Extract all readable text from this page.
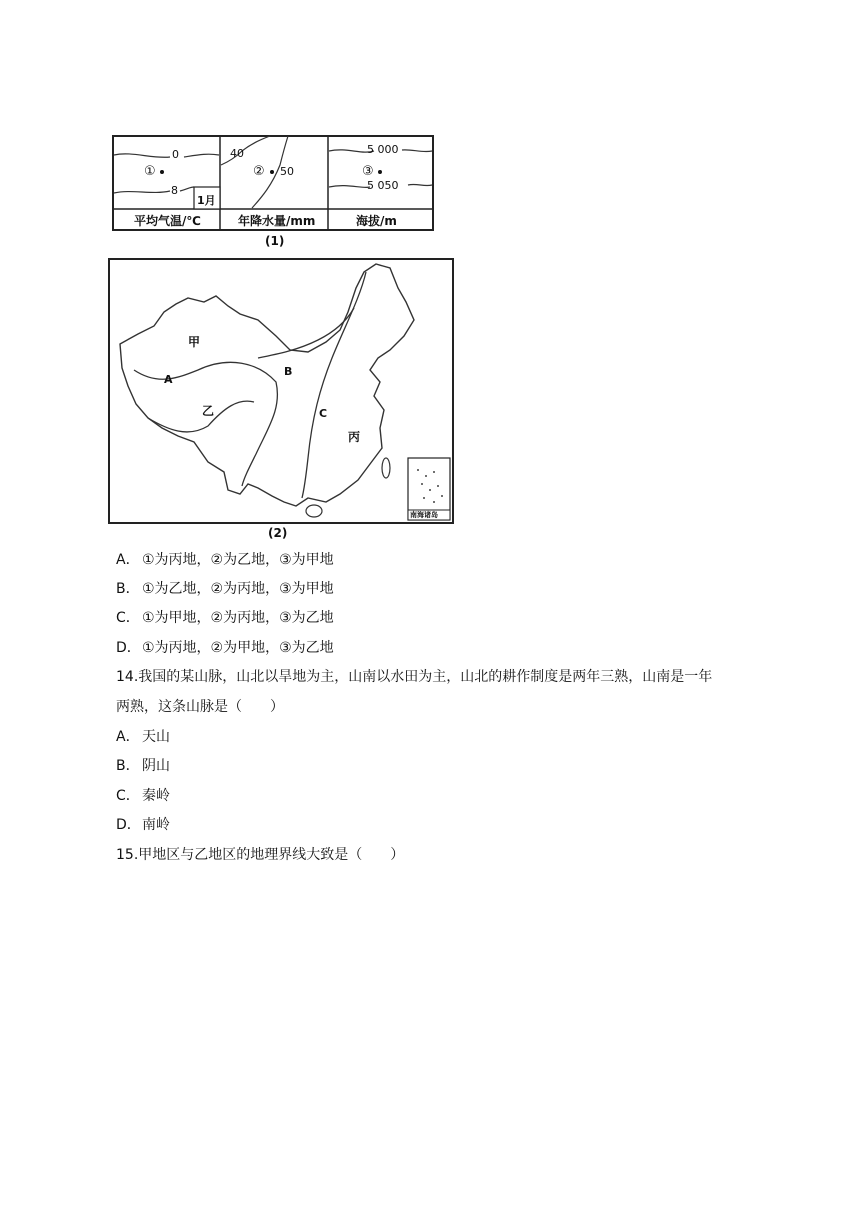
①
0
8
1月
平均气温/℃
40
② 50
年降水量/mm
5 000
③
5 050
海拔/m
(1)
甲
乙
丙
A
B
C
南海诸岛
(2)
A． ①为丙地，②为乙地，③为甲地
B． ①为乙地，②为丙地，③为甲地
C． ①为甲地，②为丙地，③为乙地
D．①为丙地，②为甲地，③为乙地
14.我国的某山脉，山北以旱地为主，山南以水田为主，山北的耕作制度是两年三熟，山南是一年
两熟，这条山脉是（　　）
A． 天山
B． 阴山
C． 秦岭
D．南岭
15.甲地区与乙地区的地理界线大致是（　　）
